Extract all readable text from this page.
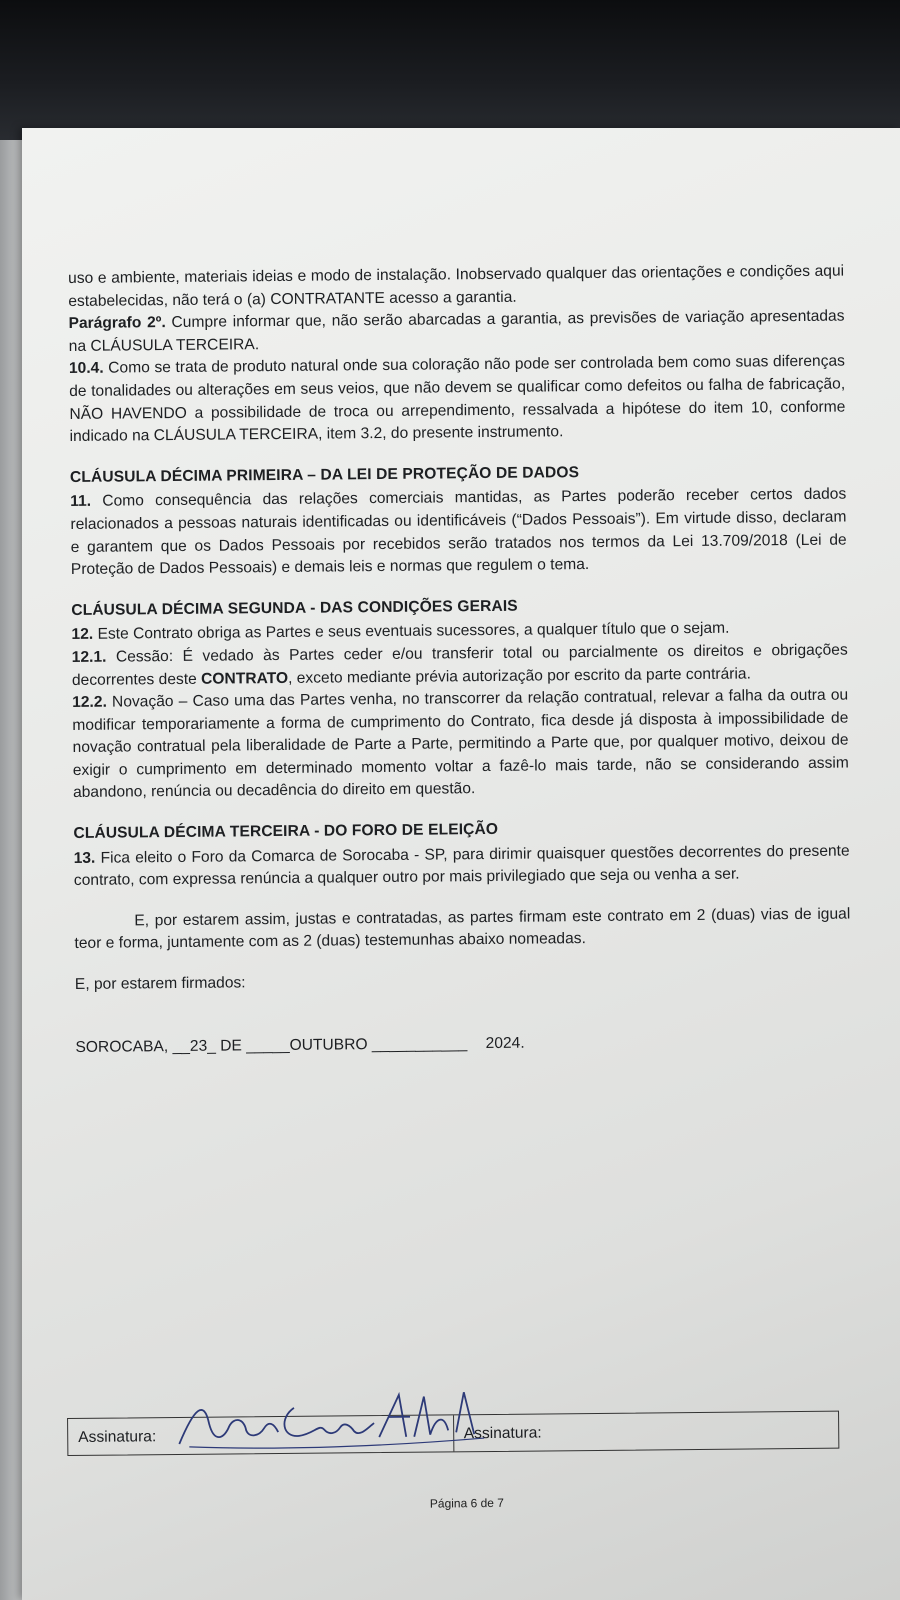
uso e ambiente, materiais ideias e modo de instalação. Inobservado qualquer das orientações e condições aqui estabelecidas, não terá o (a) CONTRATANTE acesso a garantia.

Parágrafo 2º. Cumpre informar que, não serão abarcadas a garantia, as previsões de variação apresentadas na CLÁUSULA TERCEIRA.

10.4. Como se trata de produto natural onde sua coloração não pode ser controlada bem como suas diferenças de tonalidades ou alterações em seus veios, que não devem se qualificar como defeitos ou falha de fabricação, NÃO HAVENDO a possibilidade de troca ou arrependimento, ressalvada a hipótese do item 10, conforme indicado na CLÁUSULA TERCEIRA, item 3.2, do presente instrumento.

CLÁUSULA DÉCIMA PRIMEIRA – DA LEI DE PROTEÇÃO DE DADOS

11. Como consequência das relações comerciais mantidas, as Partes poderão receber certos dados relacionados a pessoas naturais identificadas ou identificáveis (“Dados Pessoais”). Em virtude disso, declaram e garantem que os Dados Pessoais por recebidos serão tratados nos termos da Lei 13.709/2018 (Lei de Proteção de Dados Pessoais) e demais leis e normas que regulem o tema.

CLÁUSULA DÉCIMA SEGUNDA - DAS CONDIÇÕES GERAIS

12. Este Contrato obriga as Partes e seus eventuais sucessores, a qualquer título que o sejam.

12.1. Cessão: É vedado às Partes ceder e/ou transferir total ou parcialmente os direitos e obrigações decorrentes deste CONTRATO, exceto mediante prévia autorização por escrito da parte contrária.

12.2. Novação – Caso uma das Partes venha, no transcorrer da relação contratual, relevar a falha da outra ou modificar temporariamente a forma de cumprimento do Contrato, fica desde já disposta à impossibilidade de novação contratual pela liberalidade de Parte a Parte, permitindo a Parte que, por qualquer motivo, deixou de exigir o cumprimento em determinado momento voltar a fazê-lo mais tarde, não se considerando assim abandono, renúncia ou decadência do direito em questão.

CLÁUSULA DÉCIMA TERCEIRA - DO FORO DE ELEIÇÃO

13. Fica eleito o Foro da Comarca de Sorocaba - SP, para dirimir quaisquer questões decorrentes do presente contrato, com expressa renúncia a qualquer outro por mais privilegiado que seja ou venha a ser.

E, por estarem assim, justas e contratadas, as partes firmam este contrato em 2 (duas) vias de igual teor e forma, juntamente com as 2 (duas) testemunhas abaixo nomeadas.

E, por estarem firmados:

SOROCABA, __23_ DE _____OUTUBRO ___________ 2024.
Assinatura:	Assinatura:
Página 6 de 7
